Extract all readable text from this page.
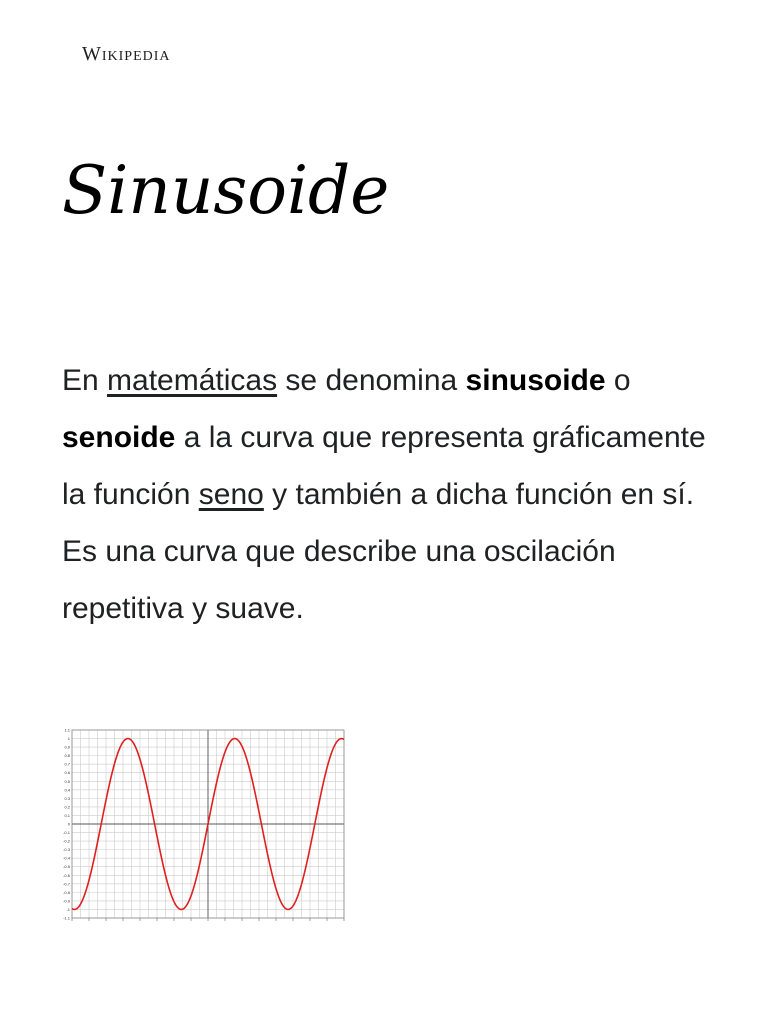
Wikipedia
Sinusoide

En matemáticas se denomina sinusoide o senoide a la curva que representa gráficamente la función seno y también a dicha función en sí. Es una curva que describe una oscilación repetitiva y suave.

1.1
1
0.9
0.8
0.7
0.6
0.5
0.4
0.3
0.2
0.1
0
-0.1
-0.2
-0.3
-0.4
-0.5
-0.6
-0.7
-0.8
-0.9
-1
-1.1
